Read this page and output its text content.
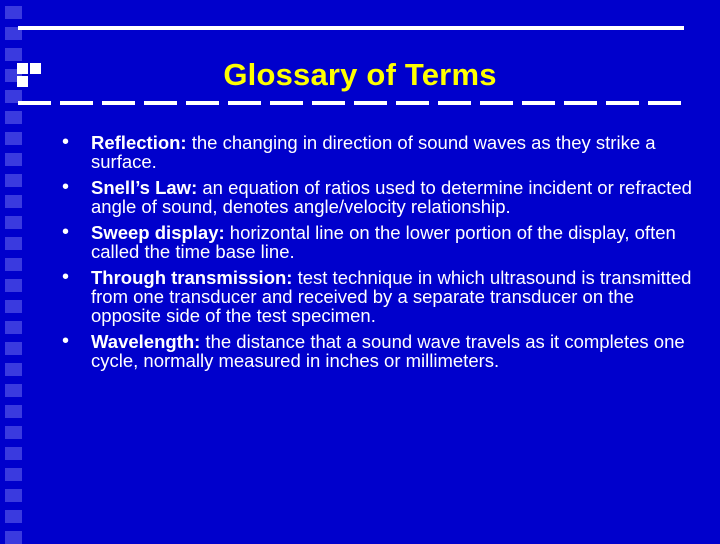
Glossary of Terms
• Reflection: the changing in direction of sound waves as they strike a surface.
• Snell’s Law: an equation of ratios used to determine incident or refracted angle of sound, denotes angle/velocity relationship.
• Sweep display: horizontal line on the lower portion of the display, often called the time base line.
• Through transmission: test technique in which ultrasound is transmitted from one transducer and received by a separate transducer on the opposite side of the test specimen.
• Wavelength: the distance that a sound wave travels as it completes one cycle, normally measured in inches or millimeters.
